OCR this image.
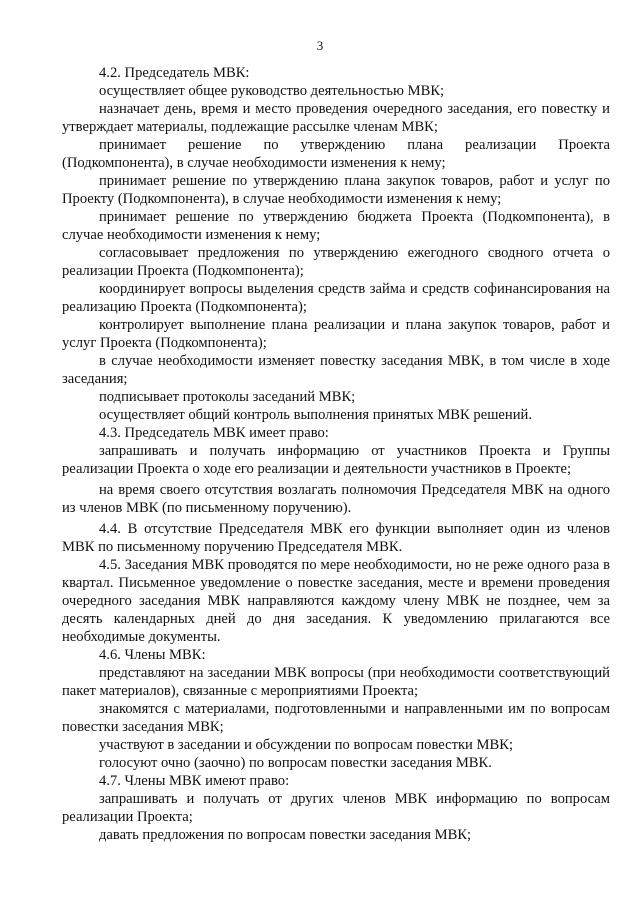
3

4.2. Председатель МВК:

осуществляет общее руководство деятельностью МВК;

назначает день, время и место проведения очередного заседания, его повестку и утверждает материалы, подлежащие рассылке членам МВК;

принимает решение по утверждению плана реализации Проекта (Подкомпонента), в случае необходимости изменения к нему;

принимает решение по утверждению плана закупок товаров, работ и услуг по Проекту (Подкомпонента), в случае необходимости изменения к нему;

принимает решение по утверждению бюджета Проекта (Подкомпонента), в случае необходимости изменения к нему;

согласовывает предложения по утверждению ежегодного сводного отчета о реализации Проекта (Подкомпонента);

координирует вопросы выделения средств займа и средств софинансирования на реализацию Проекта (Подкомпонента);

контролирует выполнение плана реализации и плана закупок товаров, работ и услуг Проекта (Подкомпонента);

в случае необходимости изменяет повестку заседания МВК, в том числе в ходе заседания;

подписывает протоколы заседаний МВК;

осуществляет общий контроль выполнения принятых МВК решений.

4.3. Председатель МВК имеет право:

запрашивать и получать информацию от участников Проекта и Группы реализации Проекта о ходе его реализации и деятельности участников в Проекте;

на время своего отсутствия возлагать полномочия Председателя МВК на одного из членов МВК (по письменному поручению).

4.4. В отсутствие Председателя МВК его функции выполняет один из членов МВК по письменному поручению Председателя МВК.

4.5. Заседания МВК проводятся по мере необходимости, но не реже одного раза в квартал. Письменное уведомление о повестке заседания, месте и времени проведения очередного заседания МВК направляются каждому члену МВК не позднее, чем за десять календарных дней до дня заседания. К уведомлению прилагаются все необходимые документы.

4.6. Члены МВК:

представляют на заседании МВК вопросы (при необходимости соответствующий пакет материалов), связанные с мероприятиями Проекта;

знакомятся с материалами, подготовленными и направленными им по вопросам повестки заседания МВК;

участвуют в заседании и обсуждении по вопросам повестки МВК;

голосуют очно (заочно) по вопросам повестки заседания МВК.

4.7. Члены МВК имеют право:

запрашивать и получать от других членов МВК информацию по вопросам реализации Проекта;

давать предложения по вопросам повестки заседания МВК;
